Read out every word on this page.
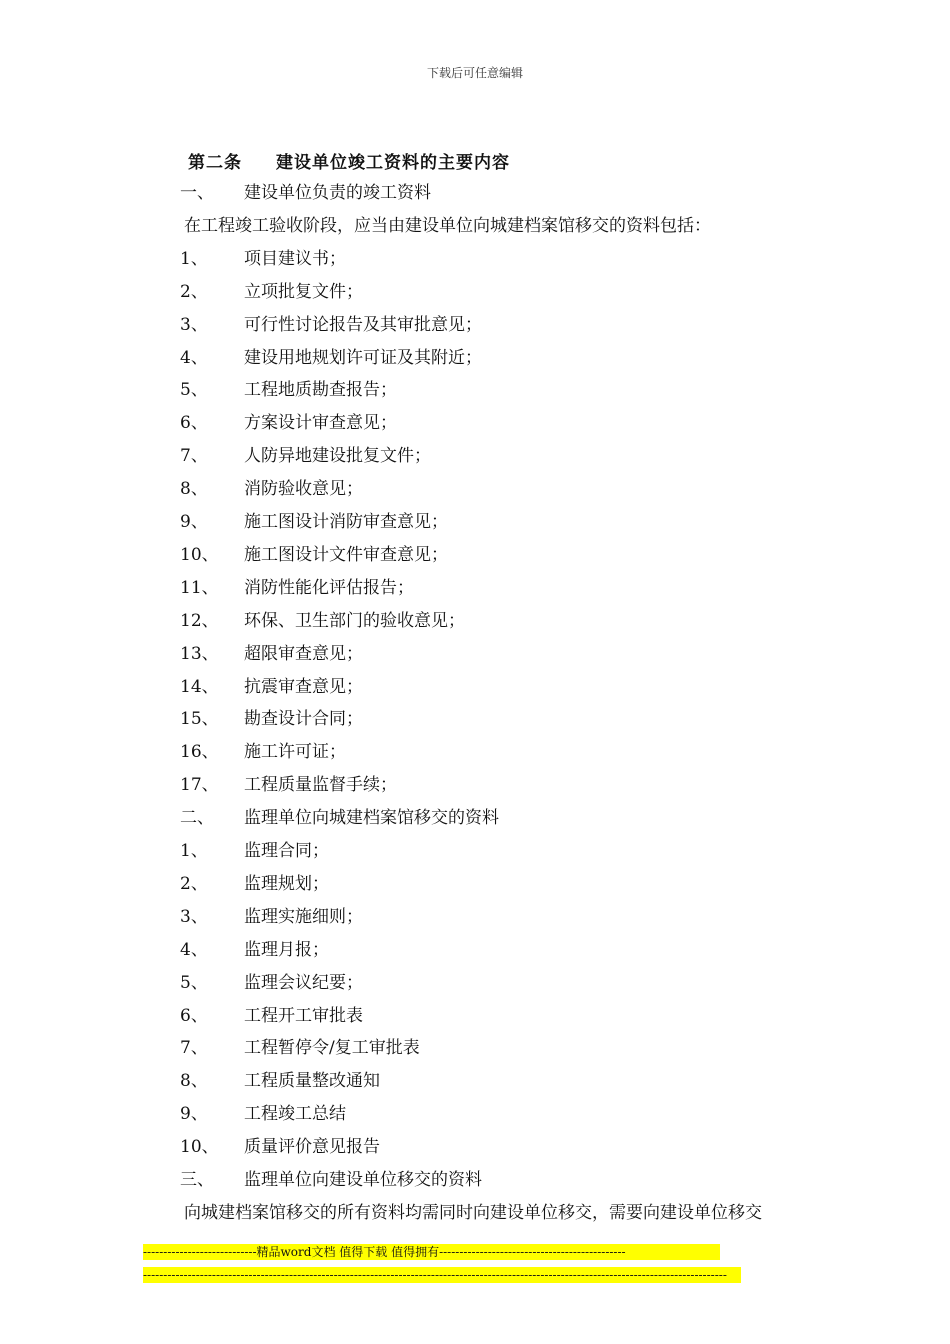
下载后可任意编辑
第二条 建设单位竣工资料的主要内容
一、 建设单位负责的竣工资料
在工程竣工验收阶段，应当由建设单位向城建档案馆移交的资料包括：
1、 项目建议书；
2、 立项批复文件；
3、 可行性讨论报告及其审批意见；
4、 建设用地规划许可证及其附近；
5、 工程地质勘查报告；
6、 方案设计审查意见；
7、 人防异地建设批复文件；
8、 消防验收意见；
9、 施工图设计消防审查意见；
10、 施工图设计文件审查意见；
11、 消防性能化评估报告；
12、 环保、卫生部门的验收意见；
13、 超限审查意见；
14、 抗震审查意见；
15、 勘查设计合同；
16、 施工许可证；
17、 工程质量监督手续；
二、 监理单位向城建档案馆移交的资料
1、 监理合同；
2、 监理规划；
3、 监理实施细则；
4、 监理月报；
5、 监理会议纪要；
6、 工程开工审批表
7、 工程暂停令/复工审批表
8、 工程质量整改通知
9、 工程竣工总结
10、 质量评价意见报告
三、 监理单位向建设单位移交的资料
向城建档案馆移交的所有资料均需同时向建设单位移交，需要向建设单位移交
----------------------------精品word文档 值得下载 值得拥有----------------------------------------------
------------------------------------------------------------------------------------------------------------------------------------------------
